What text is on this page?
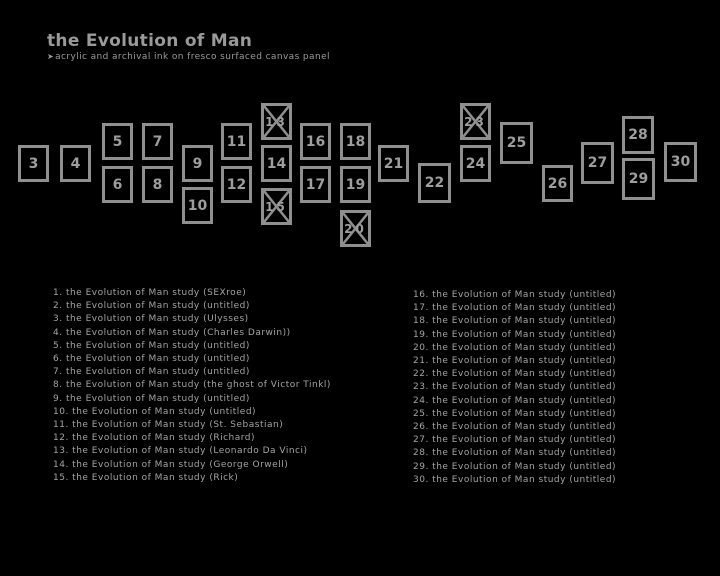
the Evolution of Man
➤acrylic and archival ink on fresco surfaced canvas panel
3 4
5
6
7
8
9
10
11
12
13
14
15
16
17
18
19
20
21
22
23
24
25
26
27
28
29
30
1. the Evolution of Man study (SEXroe)
2. the Evolution of Man study (untitled)
3. the Evolution of Man study (Ulysses)
4. the Evolution of Man study (Charles Darwin))
5. the Evolution of Man study (untitled)
6. the Evolution of Man study (untitled)
7. the Evolution of Man study (untitled)
8. the Evolution of Man study (the ghost of Victor Tinkl)
9. the Evolution of Man study (untitled)
10. the Evolution of Man study (untitled)
11. the Evolution of Man study (St. Sebastian)
12. the Evolution of Man study (Richard)
13. the Evolution of Man study (Leonardo Da Vinci)
14. the Evolution of Man study (George Orwell)
15. the Evolution of Man study (Rick)
16. the Evolution of Man study (untitled)
17. the Evolution of Man study (untitled)
18. the Evolution of Man study (untitled)
19. the Evolution of Man study (untitled)
20. the Evolution of Man study (untitled)
21. the Evolution of Man study (untitled)
22. the Evolution of Man study (untitled)
23. the Evolution of Man study (untitled)
24. the Evolution of Man study (untitled)
25. the Evolution of Man study (untitled)
26. the Evolution of Man study (untitled)
27. the Evolution of Man study (untitled)
28. the Evolution of Man study (untitled)
29. the Evolution of Man study (untitled)
30. the Evolution of Man study (untitled)
